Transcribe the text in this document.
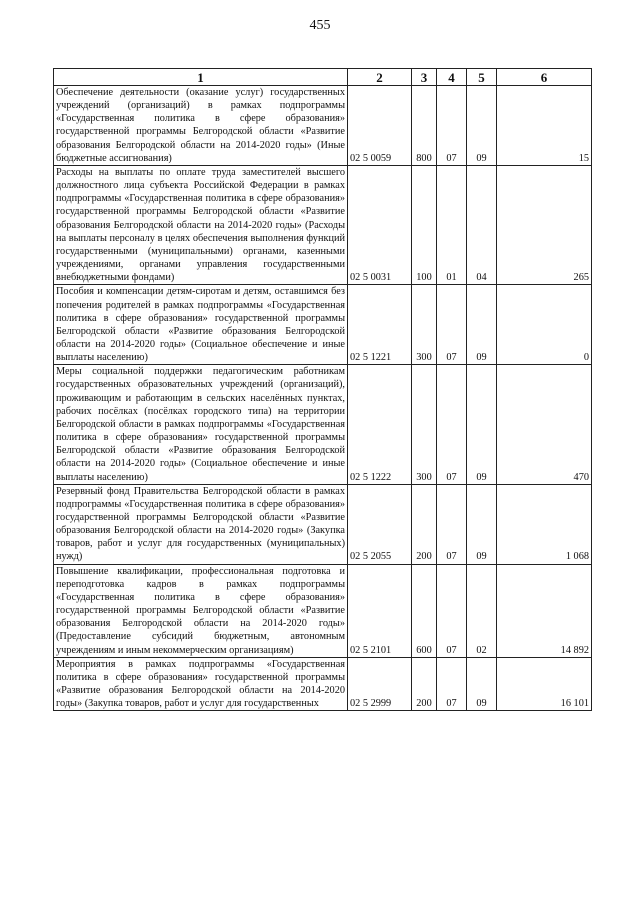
455
1	2	3	4	5	6
Обеспечение деятельности (оказание услуг) государственных учреждений (организаций) в рамках подпрограммы «Государственная политика в сфере образования» государственной программы Белгородской области «Развитие образования Белгородской области на 2014-2020 годы» (Иные бюджетные ассигнования)	02 5 0059	800	07	09	15
Расходы на выплаты по оплате труда заместителей высшего должностного лица субъекта Российской Федерации в рамках подпрограммы «Государственная политика в сфере образования» государственной программы Белгородской области «Развитие образования Белгородской области на 2014-2020 годы» (Расходы на выплаты персоналу в целях обеспечения выполнения функций государственными (муниципальными) органами, казенными учреждениями, органами управления государственными внебюджетными фондами)	02 5 0031	100	01	04	265
Пособия и компенсации детям-сиротам и детям, оставшимся без попечения родителей в рамках подпрограммы «Государственная политика в сфере образования» государственной программы Белгородской области «Развитие образования Белгородской области на 2014-2020 годы» (Социальное обеспечение и иные выплаты населению)	02 5 1221	300	07	09	0
Меры социальной поддержки педагогическим работникам государственных образовательных учреждений (организаций), проживающим и работающим в сельских населённых пунктах, рабочих посёлках (посёлках городского типа) на территории Белгородской области в рамках подпрограммы «Государственная политика в сфере образования» государственной программы Белгородской области «Развитие образования Белгородской области на 2014-2020 годы» (Социальное обеспечение и иные выплаты населению)	02 5 1222	300	07	09	470
Резервный фонд Правительства Белгородской области в рамках подпрограммы «Государственная политика в сфере образования» государственной программы Белгородской области «Развитие образования Белгородской области на 2014-2020 годы» (Закупка товаров, работ и услуг для государственных (муниципальных) нужд)	02 5 2055	200	07	09	1 068
Повышение квалификации, профессиональная подготовка и переподготовка кадров в рамках подпрограммы «Государственная политика в сфере образования» государственной программы Белгородской области «Развитие образования Белгородской области на 2014-2020 годы» (Предоставление субсидий бюджетным, автономным учреждениям и иным некоммерческим организациям)	02 5 2101	600	07	02	14 892
Мероприятия в рамках подпрограммы «Государственная политика в сфере образования» государственной программы «Развитие образования Белгородской области на 2014-2020 годы» (Закупка товаров, работ и услуг для государственных	02 5 2999	200	07	09	16 101
